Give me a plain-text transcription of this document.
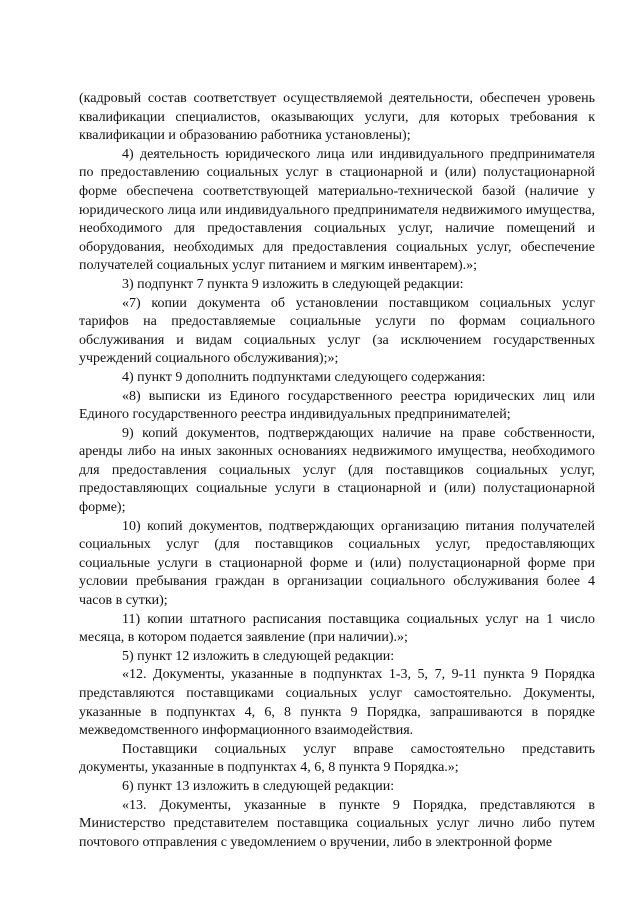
(кадровый состав соответствует осуществляемой деятельности, обеспечен уровень квалификации специалистов, оказывающих услуги, для которых требования к квалификации и образованию работника установлены);

4) деятельность юридического лица или индивидуального предпринимателя по предоставлению социальных услуг в стационарной и (или) полустационарной форме обеспечена соответствующей материально-технической базой (наличие у юридического лица или индивидуального предпринимателя недвижимого имущества, необходимого для предоставления социальных услуг, наличие помещений и оборудования, необходимых для предоставления социальных услуг, обеспечение получателей социальных услуг питанием и мягким инвентарем).»;

3) подпункт 7 пункта 9 изложить в следующей редакции:

«7) копии документа об установлении поставщиком социальных услуг тарифов на предоставляемые социальные услуги по формам социального обслуживания и видам социальных услуг (за исключением государственных учреждений социального обслуживания);»;

4) пункт 9 дополнить подпунктами следующего содержания:

«8) выписки из Единого государственного реестра юридических лиц или Единого государственного реестра индивидуальных предпринимателей;

9) копий документов, подтверждающих наличие на праве собственности, аренды либо на иных законных основаниях недвижимого имущества, необходимого для предоставления социальных услуг (для поставщиков социальных услуг, предоставляющих социальные услуги в стационарной и (или) полустационарной форме);

10) копий документов, подтверждающих организацию питания получателей социальных услуг (для поставщиков социальных услуг, предоставляющих социальные услуги в стационарной форме и (или) полустационарной форме при условии пребывания граждан в организации социального обслуживания более 4 часов в сутки);

11) копии штатного расписания поставщика социальных услуг на 1 число месяца, в котором подается заявление (при наличии).»;

5) пункт 12 изложить в следующей редакции:

«12. Документы, указанные в подпунктах 1-3, 5, 7, 9-11 пункта 9 Порядка представляются поставщиками социальных услуг самостоятельно. Документы, указанные в подпунктах 4, 6, 8 пункта 9 Порядка, запрашиваются в порядке межведомственного информационного взаимодействия.

Поставщики социальных услуг вправе самостоятельно представить документы, указанные в подпунктах 4, 6, 8 пункта 9 Порядка.»;

6) пункт 13 изложить в следующей редакции:

«13. Документы, указанные в пункте 9 Порядка, представляются в Министерство представителем поставщика социальных услуг лично либо путем почтового отправления с уведомлением о вручении, либо в электронной форме
